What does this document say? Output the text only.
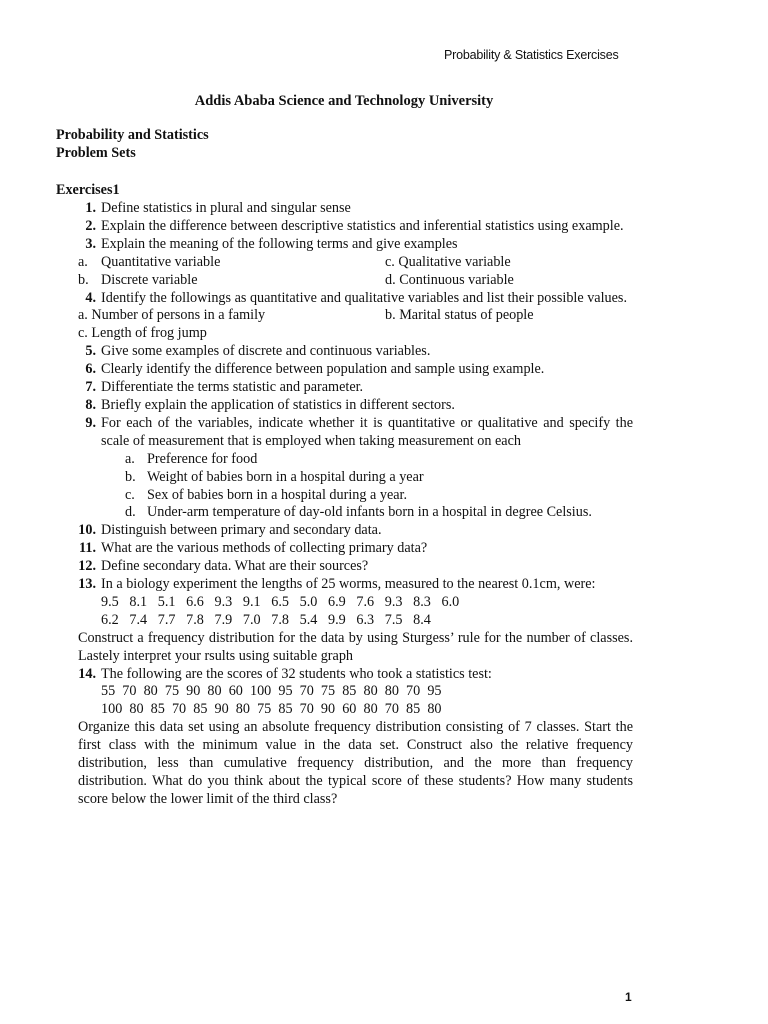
Probability & Statistics Exercises
Addis Ababa Science and Technology University
Probability and Statistics
Problem Sets
Exercises1
1. Define statistics in plural and singular sense
2. Explain the difference between descriptive statistics and inferential statistics using example.
3. Explain the meaning of the following terms and give examples
a. Quantitative variable	c. Qualitative variable
b. Discrete variable	d. Continuous variable
4. Identify the followings as quantitative and qualitative variables and list their possible values.
a. Number of persons in a family	b. Marital status of people
c. Length of frog jump
5. Give some examples of discrete and continuous variables.
6. Clearly identify the difference between population and sample using example.
7. Differentiate the terms statistic and parameter.
8. Briefly explain the application of statistics in different sectors.
9. For each of the variables, indicate whether it is quantitative or qualitative and specify the scale of measurement that is employed when taking measurement on each
a. Preference for food
b. Weight of babies born in a hospital during a year
c. Sex of babies born in a hospital during a year.
d. Under-arm temperature of day-old infants born in a hospital in degree Celsius.
10. Distinguish between primary and secondary data.
11. What are the various methods of collecting primary data?
12. Define secondary data. What are their sources?
13. In a biology experiment the lengths of 25 worms, measured to the nearest 0.1cm, were:
9.5   8.1   5.1   6.6   9.3   9.1   6.5   5.0   6.9   7.6   9.3   8.3   6.0
6.2   7.4   7.7   7.8   7.9   7.0   7.8   5.4   9.9   6.3   7.5   8.4
Construct a frequency distribution for the data by using Sturgess’ rule for the number of classes. Lastely interpret your rsults using suitable graph
14. The following are the scores of 32 students who took a statistics test:
55  70  80  75  90  80  60  100  95  70  75  85  80  80  70  95
100  80  85  70  85  90  80  75  85  70  90  60  80  70  85  80
Organize this data set using an absolute frequency distribution consisting of 7 classes. Start the first class with the minimum value in the data set. Construct also the relative frequency distribution, less than cumulative frequency distribution, and the more than frequency distribution. What do you think about the typical score of these students? How many students score below the lower limit of the third class?
1
